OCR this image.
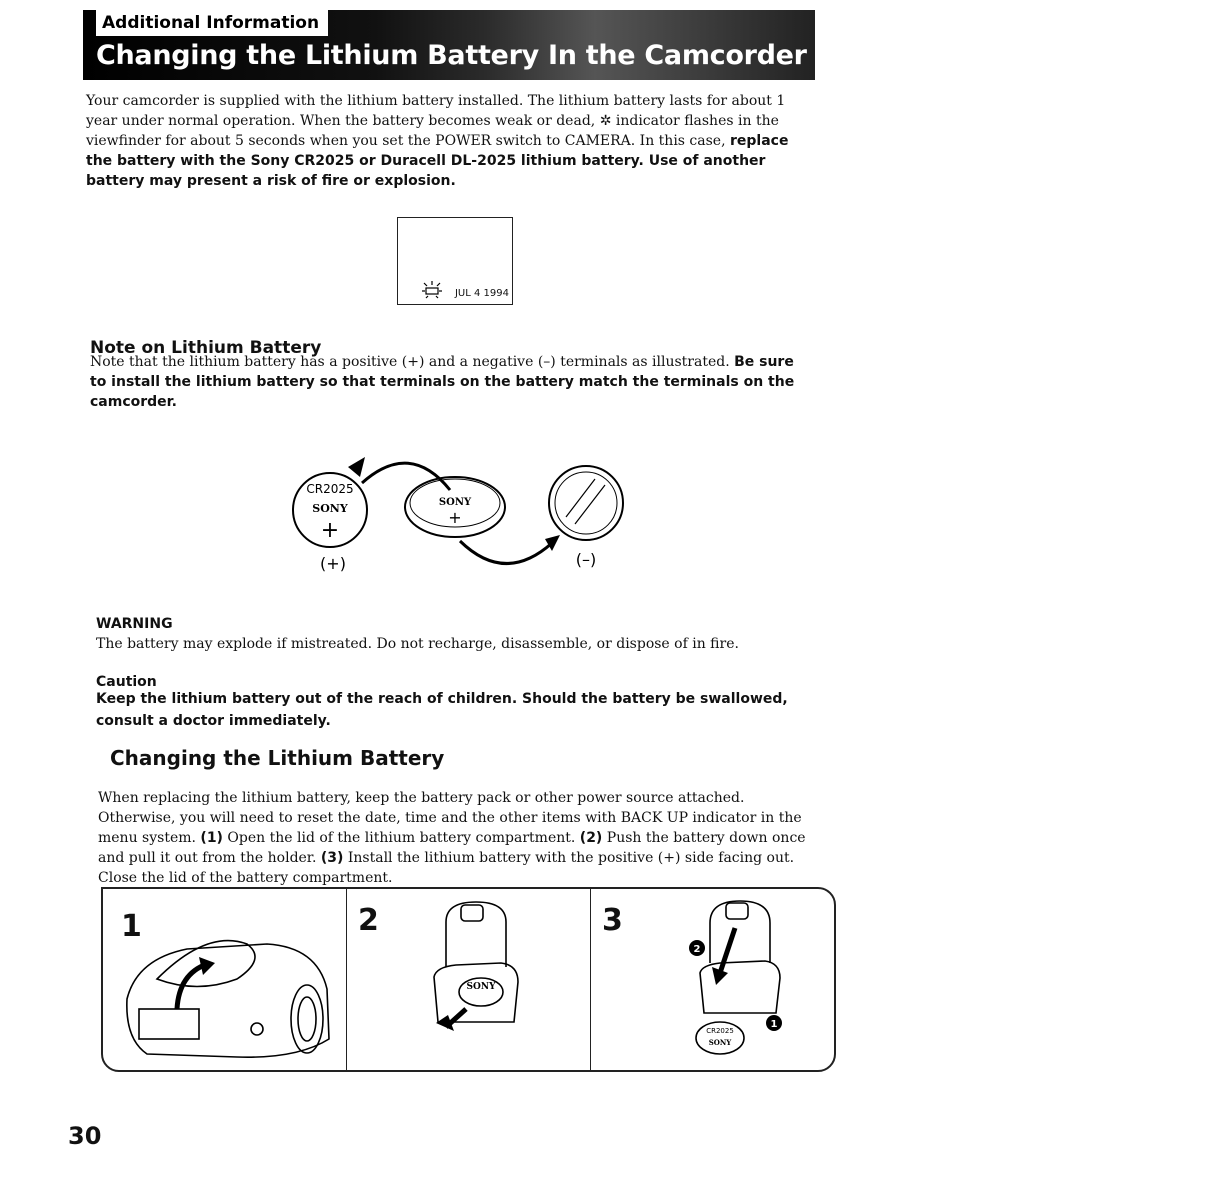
Additional Information
Changing the Lithium Battery In the Camcorder
Your camcorder is supplied with the lithium battery installed. The lithium battery lasts for about 1 year under normal operation. When the battery becomes weak or dead, ✲ indicator flashes in the viewfinder for about 5 seconds when you set the POWER switch to CAMERA. In this case, replace the battery with the Sony CR2025 or Duracell DL-2025 lithium battery. Use of another battery may present a risk of fire or explosion.
JUL 4 1994
Note on Lithium Battery
Note that the lithium battery has a positive (+) and a negative (–) terminals as illustrated. Be sure to install the lithium battery so that terminals on the battery match the terminals on the camcorder.
CR2025
SONY
+
SONY
+
(+)	(–)
WARNING
The battery may explode if mistreated. Do not recharge, disassemble, or dispose of in fire.
Caution
Keep the lithium battery out of the reach of children. Should the battery be swallowed, consult a doctor immediately.
Changing the Lithium Battery
When replacing the lithium battery, keep the battery pack or other power source attached. Otherwise, you will need to reset the date, time and the other items with BACK UP indicator in the menu system. (1) Open the lid of the lithium battery compartment. (2) Push the battery down once and pull it out from the holder. (3) Install the lithium battery with the positive (+) side facing out. Close the lid of the battery compartment.
1	2
SONY
3
2
1
CR2025
SONY
30
